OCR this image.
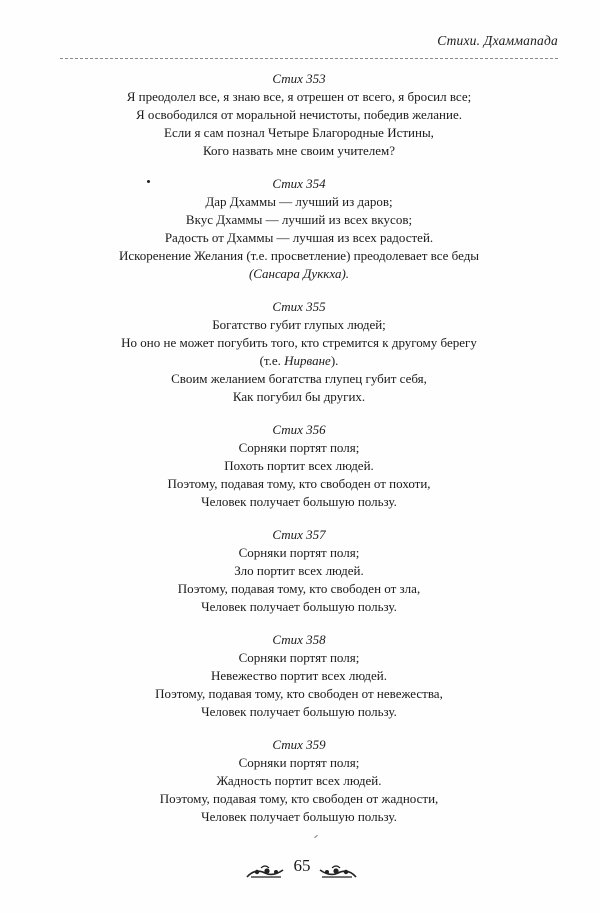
Стихи. Дхаммапада
Стих 353
Я преодолел все, я знаю все, я отрешен от всего, я бросил все;
Я освободился от моральной нечистоты, победив желание.
Если я сам познал Четыре Благородные Истины,
Кого назвать мне своим учителем?
Стих 354
Дар Дхаммы — лучший из даров;
Вкус Дхаммы — лучший из всех вкусов;
Радость от Дхаммы — лучшая из всех радостей.
Искоренение Желания (т.е. просветление) преодолевает все беды
(Сансара Дуккха).
Стих 355
Богатство губит глупых людей;
Но оно не может погубить того, кто стремится к другому берегу
(т.е. Нирване).
Своим желанием богатства глупец губит себя,
Как погубил бы других.
Стих 356
Сорняки портят поля;
Похоть портит всех людей.
Поэтому, подавая тому, кто свободен от похоти,
Человек получает большую пользу.
Стих 357
Сорняки портят поля;
Зло портит всех людей.
Поэтому, подавая тому, кто свободен от зла,
Человек получает большую пользу.
Стих 358
Сорняки портят поля;
Невежество портит всех людей.
Поэтому, подавая тому, кто свободен от невежества,
Человек получает большую пользу.
Стих 359
Сорняки портят поля;
Жадность портит всех людей.
Поэтому, подавая тому, кто свободен от жадности,
Человек получает большую пользу.
65
